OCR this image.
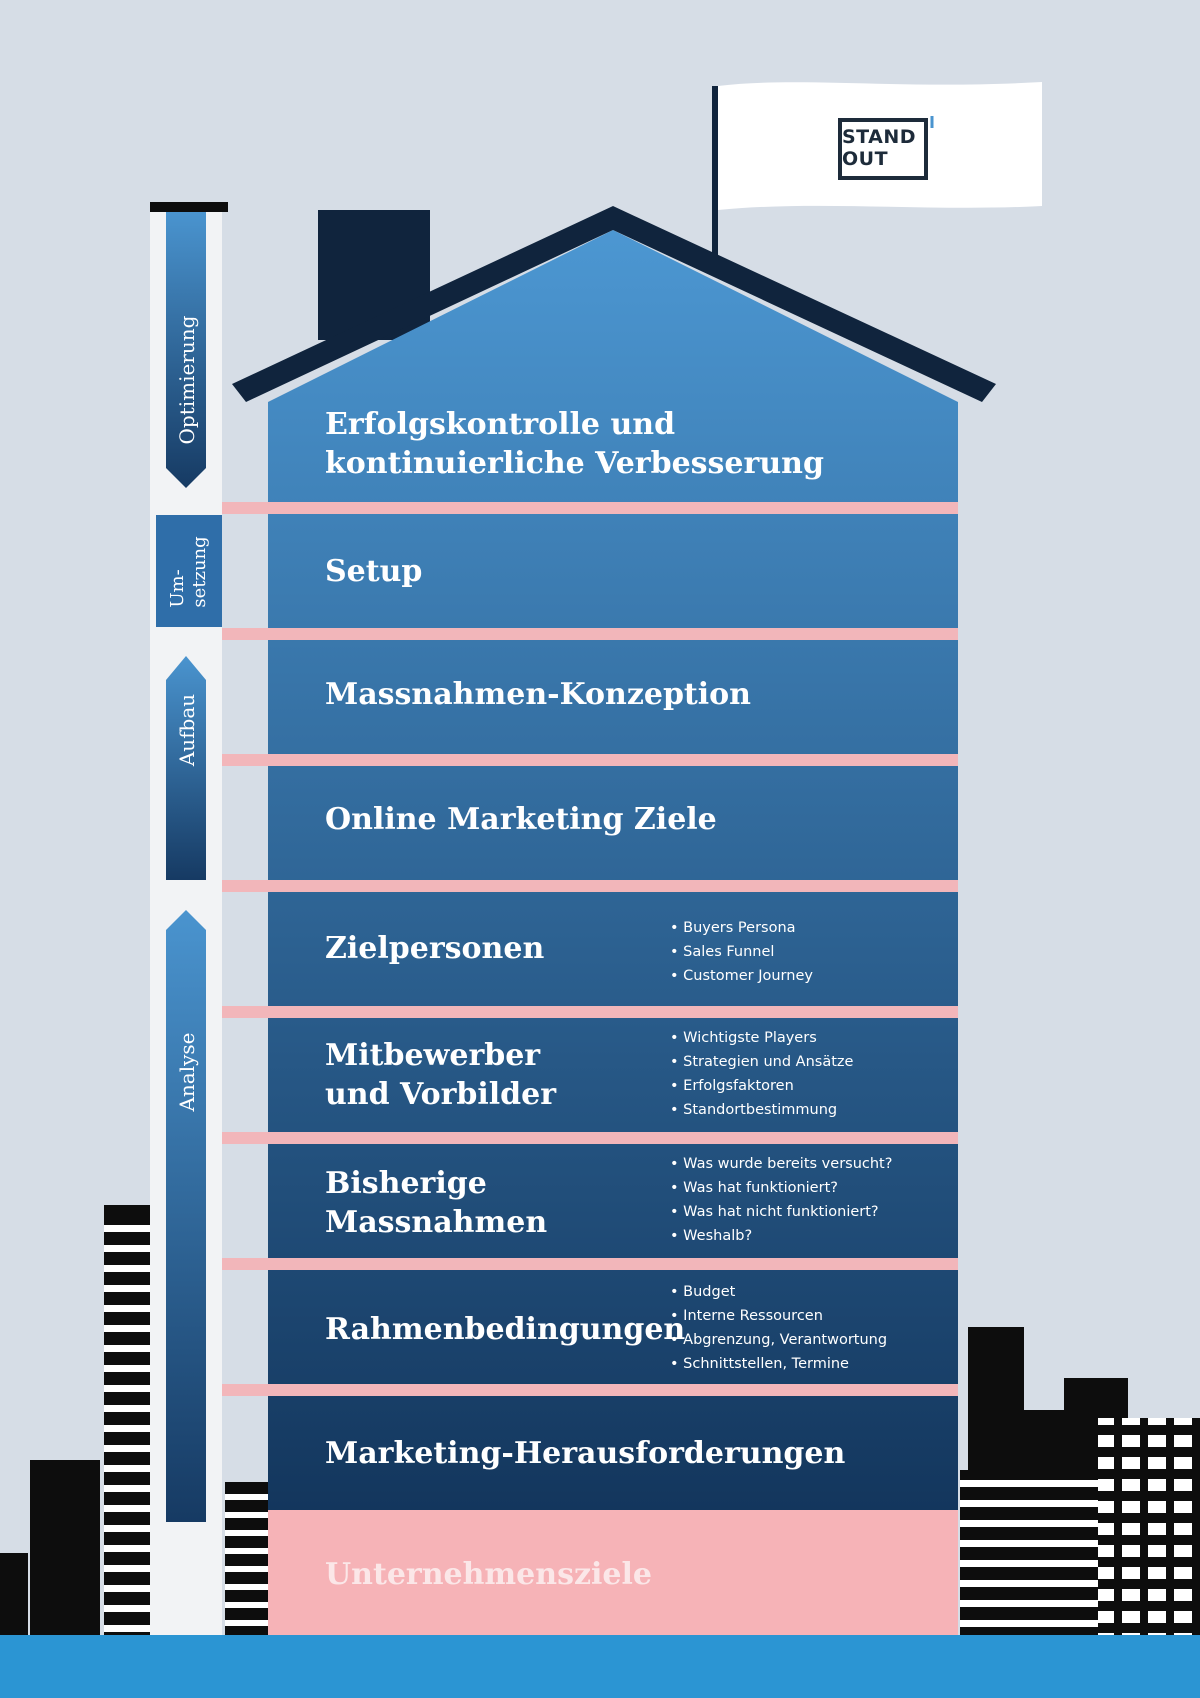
STAND
OUT
Erfolgskontrolle und
kontinuierliche Verbesserung
Setup
Massnahmen-Konzeption
Online Marketing Ziele
Zielpersonen
Mitbewerber
und Vorbilder
Bisherige
Massnahmen
Rahmenbedingungen
Marketing-Herausforderungen
Unternehmensziele
• Buyers Persona
• Sales Funnel
• Customer Journey
• Wichtigste Players
• Strategien und Ansätze
• Erfolgsfaktoren
• Standortbestimmung
• Was wurde bereits versucht?
• Was hat funktioniert?
• Was hat nicht funktioniert?
• Weshalb?
• Budget
• Interne Ressourcen
• Abgrenzung, Verantwortung
• Schnittstellen, Termine
Optimierung
Um-
setzung
Aufbau
Analyse
